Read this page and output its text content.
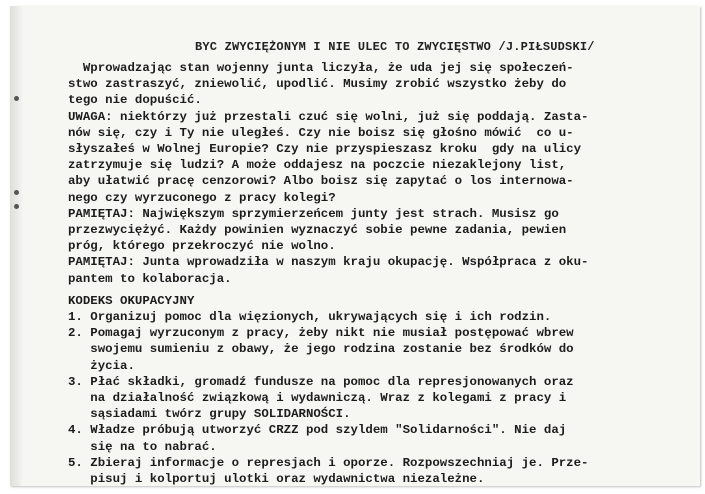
BYC ZWYCIĘŻONYM I NIE ULEC TO ZWYCIĘSTWO /J.PIŁSUDSKI/
Wprowadzając stan wojenny junta liczyła, że uda jej się społeczeń-
stwo zastraszyć, zniewolić, upodlić. Musimy zrobić wszystko żeby do
tego nie dopuścić.
UWAGA: niektórzy już przestali czuć się wolni, już się poddają. Zasta-
nów się, czy i Ty nie uległeś. Czy nie boisz się głośno mówić  co u-
słyszałeś w Wolnej Europie? Czy nie przyspieszasz kroku  gdy na ulicy
zatrzymuje się ludzi? A może oddajesz na poczcie niezaklejony list,
aby ułatwić pracę cenzorowi? Albo boisz się zapytać o los internowa-
nego czy wyrzuconego z pracy kolegi?
PAMIĘTAJ: Największym sprzymierzeńcem junty jest strach. Musisz go
przezwyciężyć. Każdy powinien wyznaczyć sobie pewne zadania, pewien
próg, którego przekroczyć nie wolno.
PAMIĘTAJ: Junta wprowadziła w naszym kraju okupację. Współpraca z oku-
pantem to kolaboracja.
KODEKS OKUPACYJNY
1. Organizuj pomoc dla więzionych, ukrywających się i ich rodzin.
2. Pomagaj wyrzuconym z pracy, żeby nikt nie musiał postępować wbrew
swojemu sumieniu z obawy, że jego rodzina zostanie bez środków do
życia.
3. Płać składki, gromadź fundusze na pomoc dla represjonowanych oraz
na działalność związkową i wydawniczą. Wraz z kolegami z pracy i
sąsiadami twórz grupy SOLIDARNOŚCI.
4. Władze próbują utworzyć CRZZ pod szyldem "Solidarności". Nie daj
się na to nabrać.
5. Zbieraj informacje o represjach i oporze. Rozpowszechniaj je. Prze-
pisuj i kolportuj ulotki oraz wydawnictwa niezależne.
